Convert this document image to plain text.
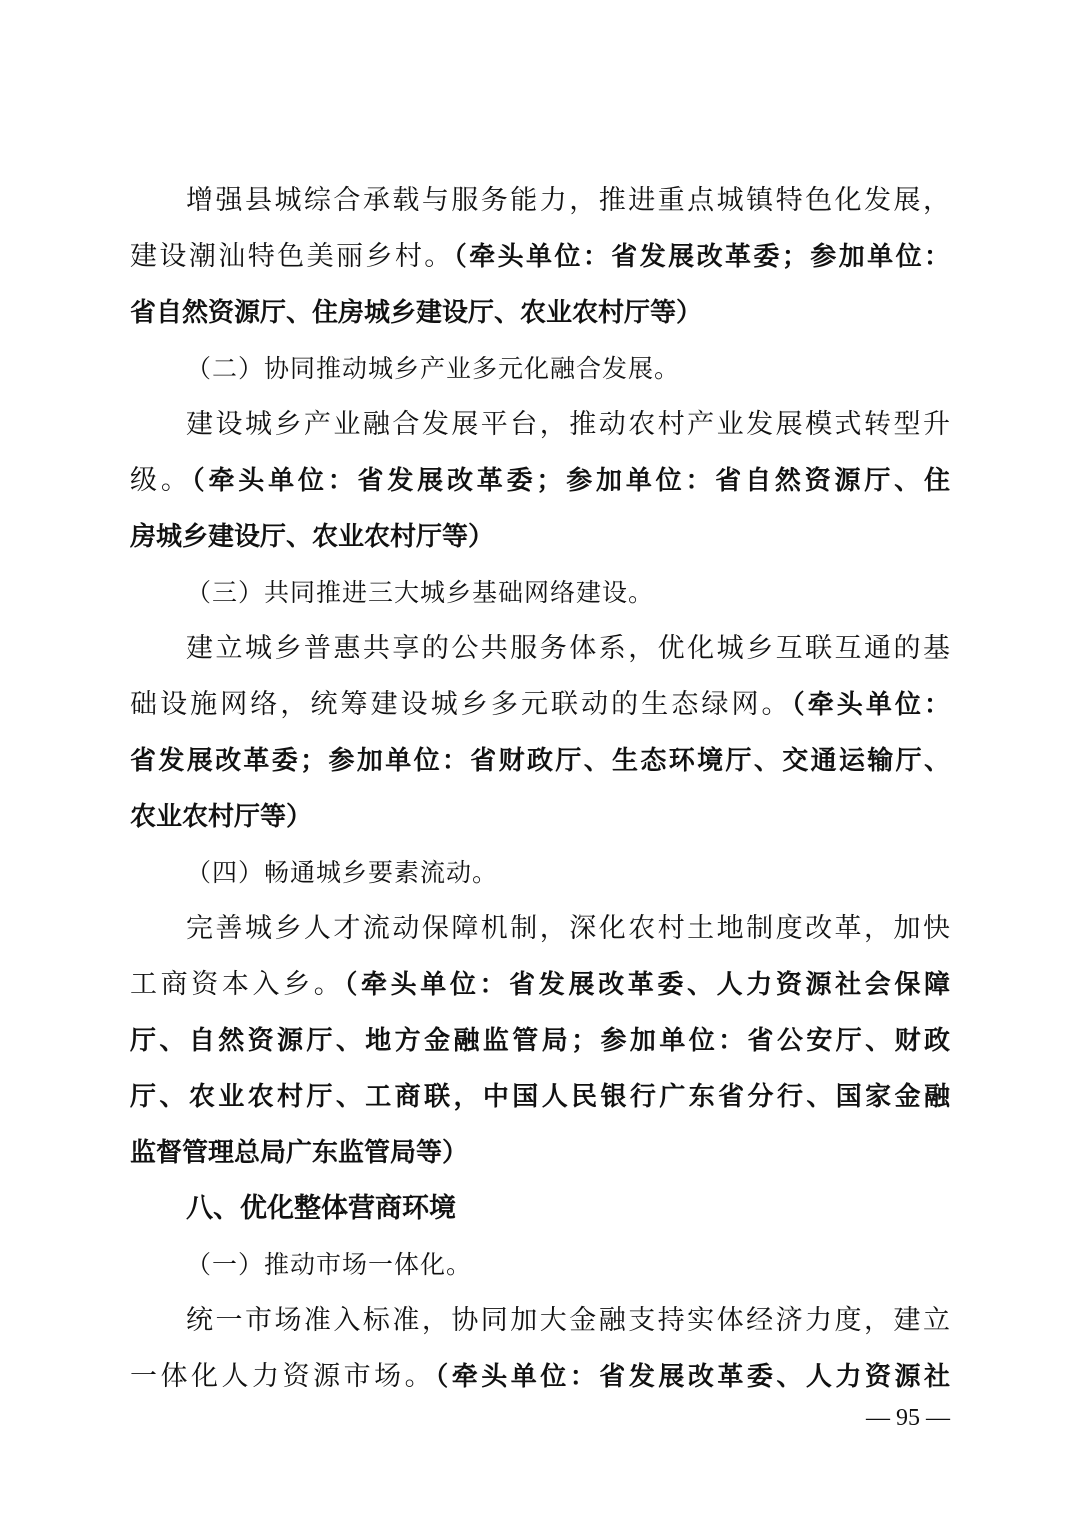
增强县城综合承载与服务能力，推进重点城镇特色化发展，
建设潮汕特色美丽乡村。（牵头单位：省发展改革委；参加单位：
省自然资源厅、住房城乡建设厅、农业农村厅等）
（二）协同推动城乡产业多元化融合发展。
建设城乡产业融合发展平台，推动农村产业发展模式转型升
级。（牵头单位：省发展改革委；参加单位：省自然资源厅、住
房城乡建设厅、农业农村厅等）
（三）共同推进三大城乡基础网络建设。
建立城乡普惠共享的公共服务体系，优化城乡互联互通的基
础设施网络，统筹建设城乡多元联动的生态绿网。（牵头单位：
省发展改革委；参加单位：省财政厅、生态环境厅、交通运输厅、
农业农村厅等）
（四）畅通城乡要素流动。
完善城乡人才流动保障机制，深化农村土地制度改革，加快
工商资本入乡。（牵头单位：省发展改革委、人力资源社会保障
厅、自然资源厅、地方金融监管局；参加单位：省公安厅、财政
厅、农业农村厅、工商联，中国人民银行广东省分行、国家金融
监督管理总局广东监管局等）
八、优化整体营商环境
（一）推动市场一体化。
统一市场准入标准，协同加大金融支持实体经济力度，建立
一体化人力资源市场。（牵头单位：省发展改革委、人力资源社
— 95 —
